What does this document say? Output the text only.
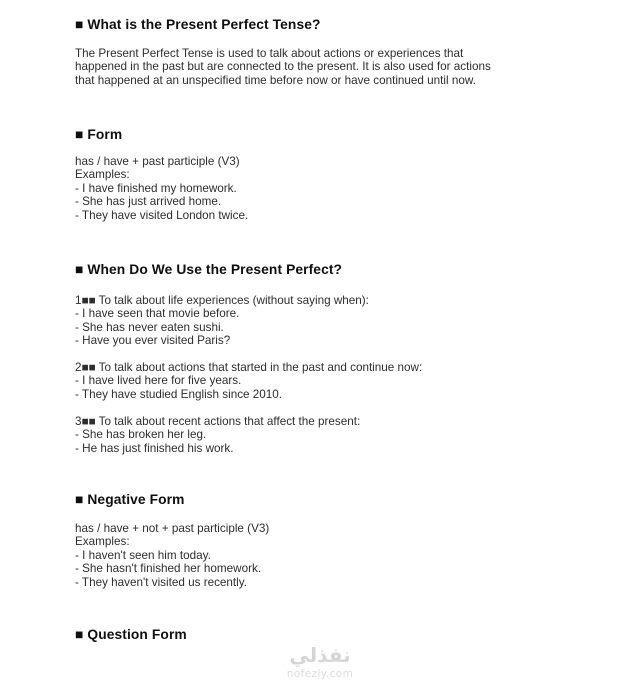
■ What is the Present Perfect Tense?
The Present Perfect Tense is used to talk about actions or experiences that
happened in the past but are connected to the present. It is also used for actions
that happened at an unspecified time before now or have continued until now.
■ Form
has / have + past participle (V3)
Examples:
- I have finished my homework.
- She has just arrived home.
- They have visited London twice.
■ When Do We Use the Present Perfect?
1■■ To talk about life experiences (without saying when):
- I have seen that movie before.
- She has never eaten sushi.
- Have you ever visited Paris?
2■■ To talk about actions that started in the past and continue now:
- I have lived here for five years.
- They have studied English since 2010.
3■■ To talk about recent actions that affect the present:
- She has broken her leg.
- He has just finished his work.
■ Negative Form
has / have + not + past participle (V3)
Examples:
- I haven't seen him today.
- She hasn't finished her homework.
- They haven't visited us recently.
■ Question Form
نفذلي
nofezly.com
